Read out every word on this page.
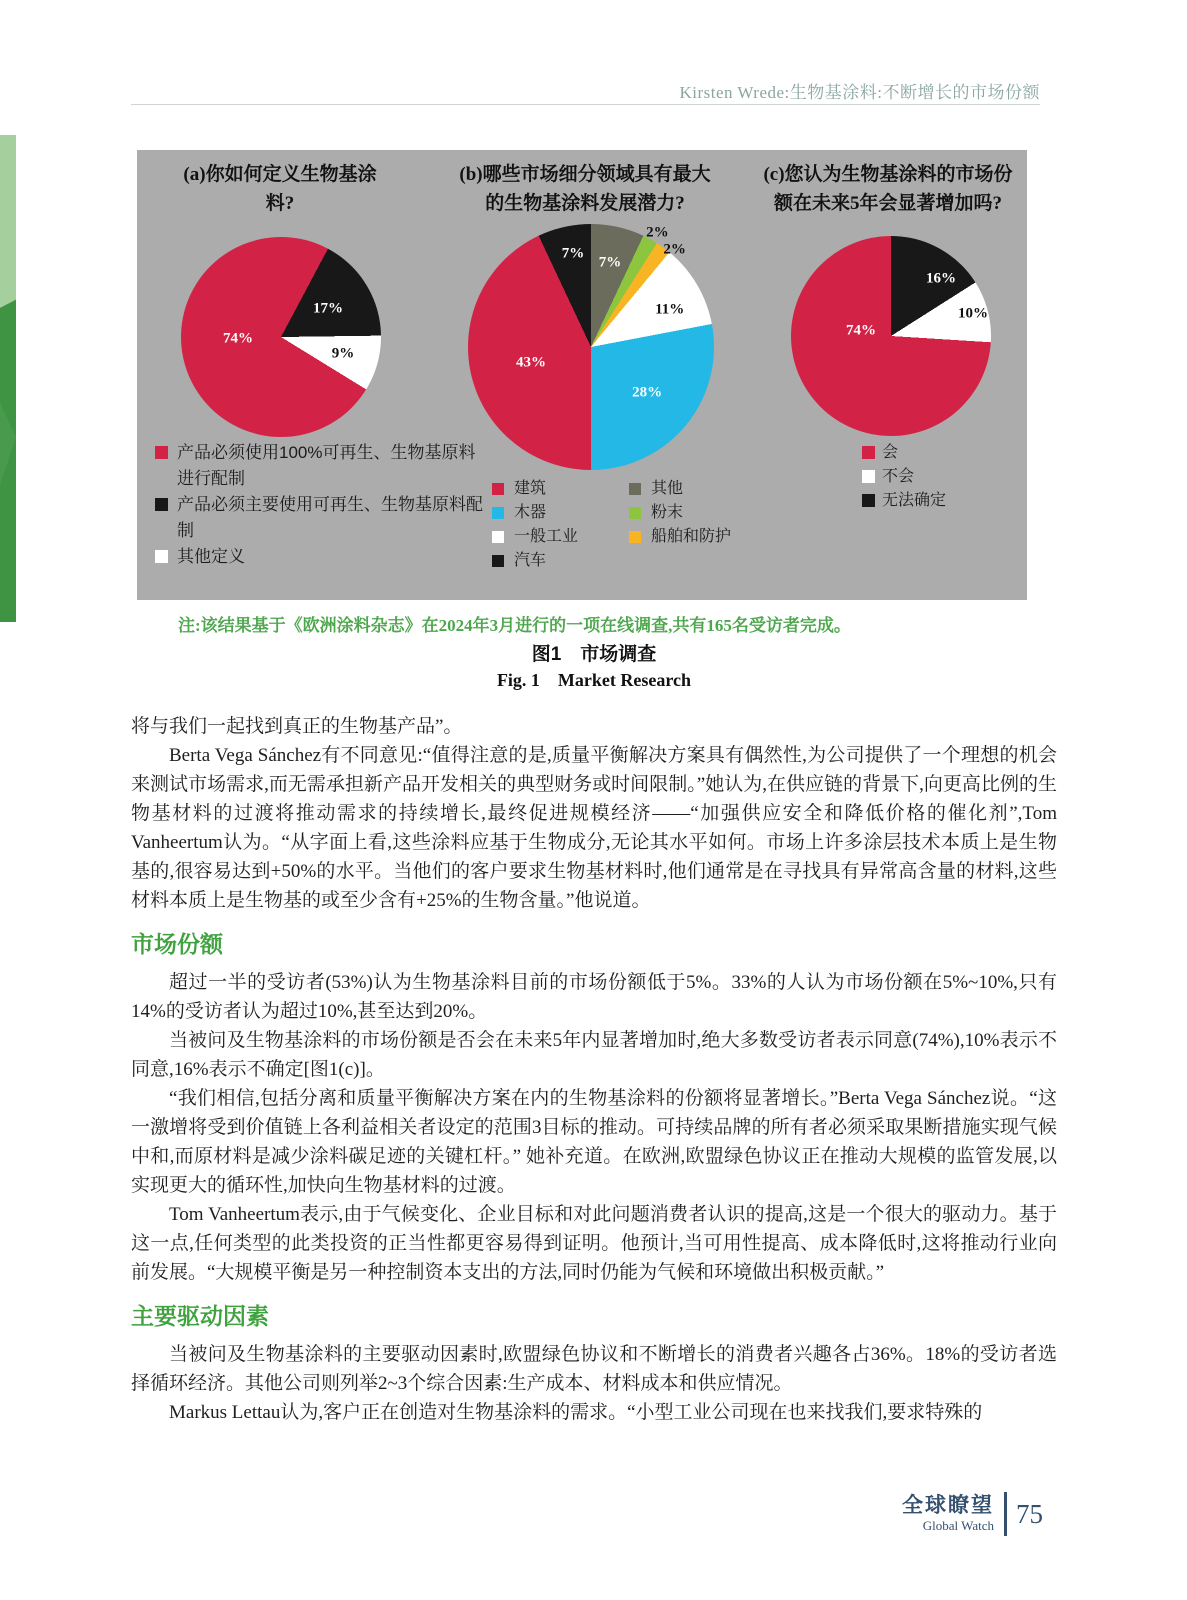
Kirsten Wrede:生物基涂料:不断增长的市场份额
(a)你如何定义生物基涂料?
74%
17%
9%
产品必须使用100%可再生、生物基原料进行配制
产品必须主要使用可再生、生物基原料配制
其他定义
(b)哪些市场细分领域具有最大的生物基涂料发展潜力?
43%
28%
11%
7%
7%
2%
2%
建筑
木器
一般工业
汽车
其他
粉末
船舶和防护
(c)您认为生物基涂料的市场份额在未来5年会显著增加吗?
74%
10%
16%
会
不会
无法确定
注:该结果基于《欧洲涂料杂志》在2024年3月进行的一项在线调查,共有165名受访者完成。
图1　市场调查
Fig. 1　Market Research

将与我们一起找到真正的生物基产品”。

Berta Vega Sánchez有不同意见:“值得注意的是,质量平衡解决方案具有偶然性,为公司提供了一个理想的机会来测试市场需求,而无需承担新产品开发相关的典型财务或时间限制。”她认为,在供应链的背景下,向更高比例的生物基材料的过渡将推动需求的持续增长,最终促进规模经济——“加强供应安全和降低价格的催化剂”,Tom Vanheertum认为。“从字面上看,这些涂料应基于生物成分,无论其水平如何。市场上许多涂层技术本质上是生物基的,很容易达到+50%的水平。当他们的客户要求生物基材料时,他们通常是在寻找具有异常高含量的材料,这些材料本质上是生物基的或至少含有+25%的生物含量。”他说道。

市场份额

超过一半的受访者(53%)认为生物基涂料目前的市场份额低于5%。33%的人认为市场份额在5%~10%,只有14%的受访者认为超过10%,甚至达到20%。

当被问及生物基涂料的市场份额是否会在未来5年内显著增加时,绝大多数受访者表示同意(74%),10%表示不同意,16%表示不确定[图1(c)]。

“我们相信,包括分离和质量平衡解决方案在内的生物基涂料的份额将显著增长。”Berta Vega Sánchez说。“这一激增将受到价值链上各利益相关者设定的范围3目标的推动。可持续品牌的所有者必须采取果断措施实现气候中和,而原材料是减少涂料碳足迹的关键杠杆。” 她补充道。在欧洲,欧盟绿色协议正在推动大规模的监管发展,以实现更大的循环性,加快向生物基材料的过渡。

Tom Vanheertum表示,由于气候变化、企业目标和对此问题消费者认识的提高,这是一个很大的驱动力。基于这一点,任何类型的此类投资的正当性都更容易得到证明。他预计,当可用性提高、成本降低时,这将推动行业向前发展。“大规模平衡是另一种控制资本支出的方法,同时仍能为气候和环境做出积极贡献。”

主要驱动因素

当被问及生物基涂料的主要驱动因素时,欧盟绿色协议和不断增长的消费者兴趣各占36%。18%的受访者选择循环经济。其他公司则列举2~3个综合因素:生产成本、材料成本和供应情况。

Markus Lettau认为,客户正在创造对生物基涂料的需求。“小型工业公司现在也来找我们,要求特殊的

全球瞭望
Global Watch 75
